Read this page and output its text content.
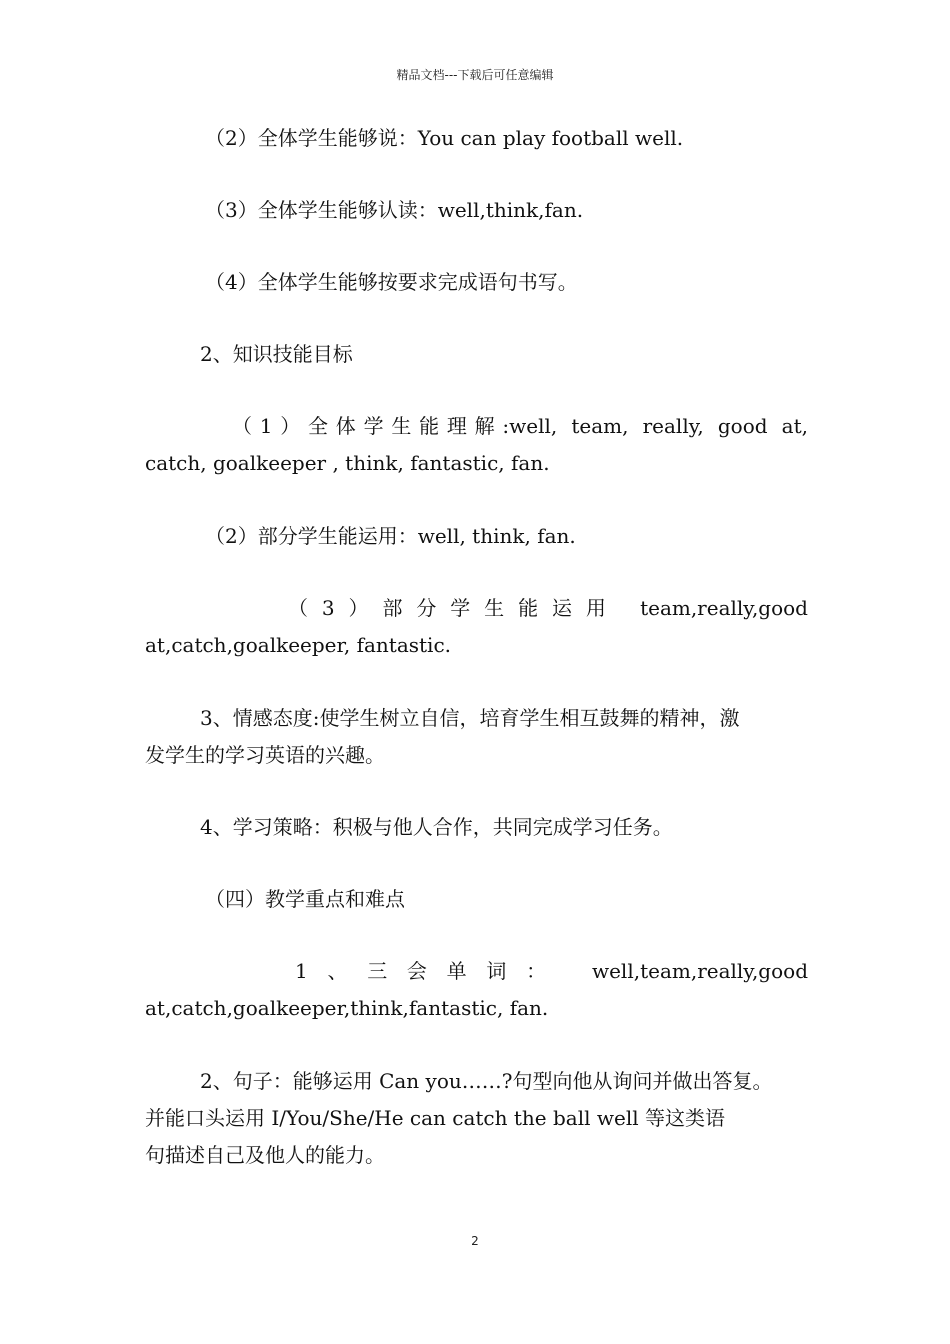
精品文档---下载后可任意编辑
（2）全体学生能够说：You can play football well.
（3）全体学生能够认读：well,think,fan.
（4）全体学生能够按要求完成语句书写。
2、知识技能目标
（1）全体学生能理解:well, team, really, good at,
catch, goalkeeper , think, fantastic, fan.
（2）部分学生能运用：well, think, fan.
（3）部分学生能运用 team,really,good
at,catch,goalkeeper, fantastic.
3、情感态度:使学生树立自信，培育学生相互鼓舞的精神，激
发学生的学习英语的兴趣。
4、学习策略：积极与他人合作，共同完成学习任务。
（四）教学重点和难点
1、三会单词： well,team,really,good
at,catch,goalkeeper,think,fantastic, fan.
2、句子：能够运用 Can you……?句型向他从询问并做出答复。
并能口头运用 I/You/She/He can catch the ball well 等这类语
句描述自己及他人的能力。
2
